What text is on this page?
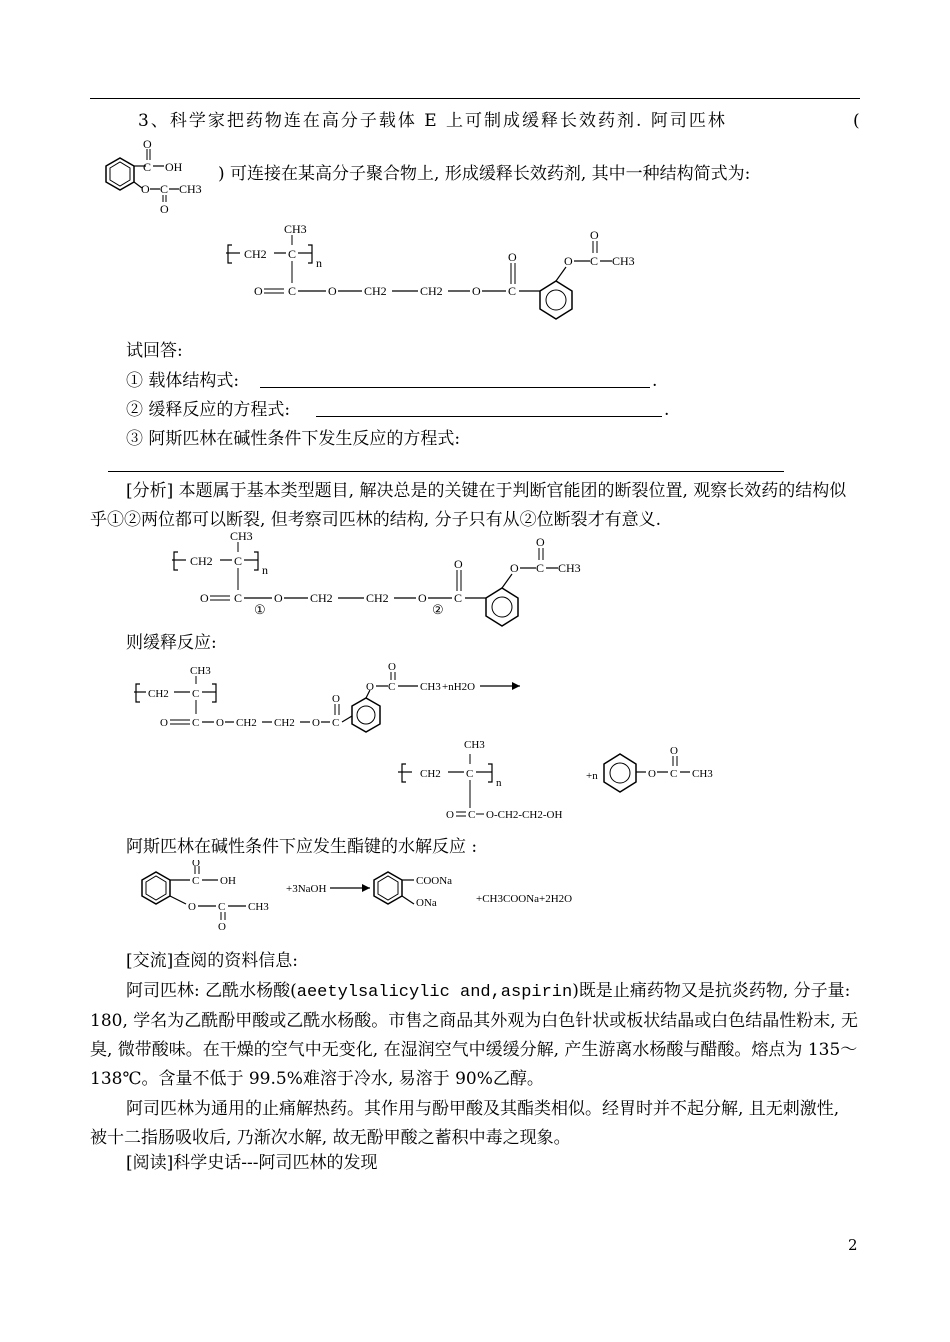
3、科学家把药物连在高分子载体 E 上可制成缓释长效药剂. 阿司匹林	(
C
O
OH
O C
O
CH3
) 可连接在某高分子聚合物上, 形成缓释长效药剂, 其中一种结构简式为:
CH2 C
CH3
n
O C	O CH2	CH2 O C
O	O C
O
CH3
试回答:
① 载体结构式:	.
② 缓释反应的方程式:	.
③ 阿斯匹林在碱性条件下发生反应的方程式:
[分析] 本题属于基本类型题目, 解决总是的关键在于判断官能团的断裂位置, 观察长效药的结构似乎①②两位都可以断裂, 但考察司匹林的结构, 分子只有从②位断裂才有意义.
CH2 C
CH3
n
O C
①
O CH2	CH2 O
②
C
O	O C
O
CH3
则缓释反应:
CH2 C
CH3
O C O CH2 CH2 O C
O
O C
O
CH3 +nH2O
CH2 C
CH3
n
O C O-CH2-CH2-OH
+n	O C
O
CH3
阿斯匹林在碱性条件下应发生酯键的水解反应 :
C
O
OH
O C
O
CH3
+3NaOH
COONa
ONa	+CH3COONa+2H2O
[交流]查阅的资料信息:
阿司匹林: 乙酰水杨酸(aeetylsalicylic and,aspirin)既是止痛药物又是抗炎药物, 分子量: 180, 学名为乙酰酚甲酸或乙酰水杨酸。市售之商品其外观为白色针状或板状结晶或白色结晶性粉末, 无臭, 微带酸味。在干燥的空气中无变化, 在湿润空气中缓缓分解, 产生游离水杨酸与醋酸。熔点为 135～138℃。含量不低于 99.5%难溶于冷水, 易溶于 90%乙醇。
阿司匹林为通用的止痛解热药。其作用与酚甲酸及其酯类相似。经胃时并不起分解, 且无刺激性, 被十二指肠吸收后, 乃渐次水解, 故无酚甲酸之蓄积中毒之现象。
[阅读]科学史话---阿司匹林的发现
2
